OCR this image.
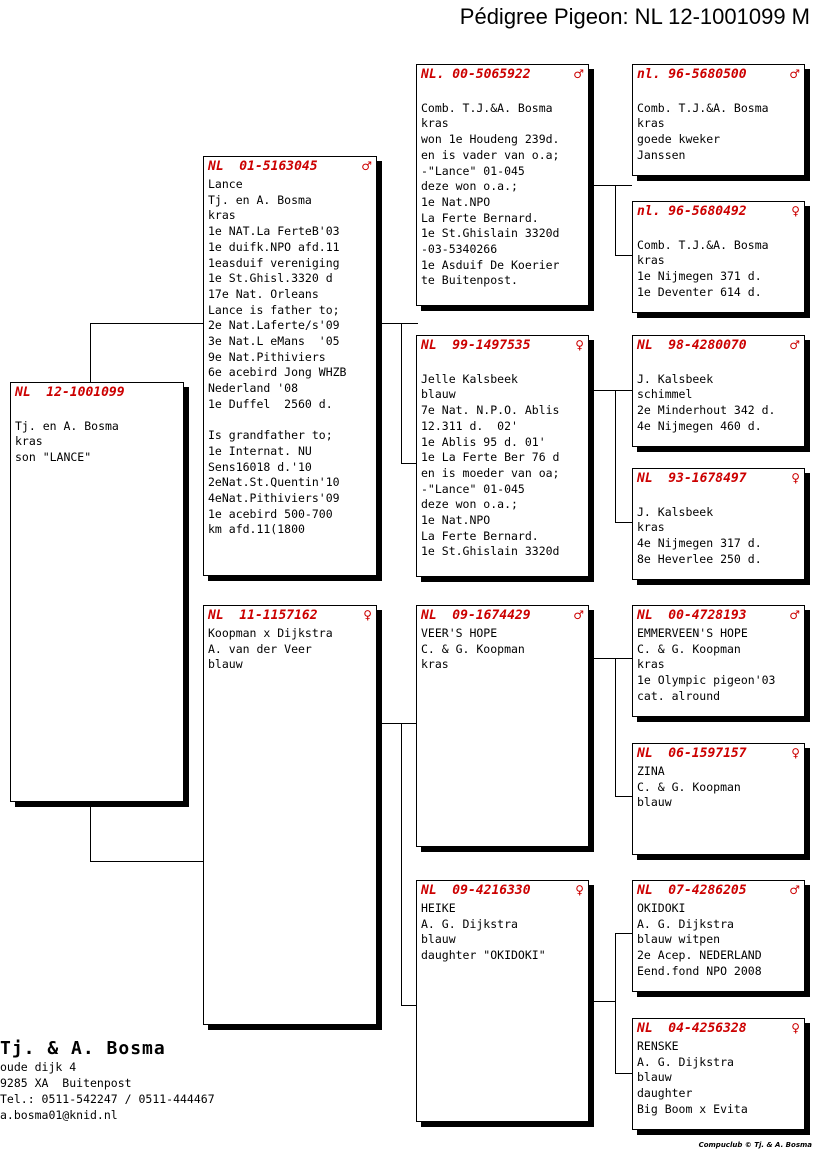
Pédigree Pigeon: NL 12-1001099 M
NL  12-1001099
Tj. en A. Bosma
kras
son "LANCE"
NL  01-5163045	♂
Lance
Tj. en A. Bosma
kras
1e NAT.La FerteB'03
1e duifk.NPO afd.11
1easduif vereniging
1e St.Ghisl.3320 d
17e Nat. Orleans
Lance is father to;
2e Nat.Laferte/s'09
3e Nat.L eMans  '05
9e Nat.Pithiviers
6e acebird Jong WHZB
Nederland '08
1e Duffel  2560 d.
Is grandfather to;
1e Internat. NU
Sens16018 d.'10
2eNat.St.Quentin'10
4eNat.Pithiviers'09
1e acebird 500-700
km afd.11(1800
NL  11-1157162	♀
Koopman x Dijkstra
A. van der Veer
blauw
NL. 00-5065922	♂
Comb. T.J.&A. Bosma
kras
won 1e Houdeng 239d.
en is vader van o.a;
-"Lance" 01-045
deze won o.a.;
1e Nat.NPO
La Ferte Bernard.
1e St.Ghislain 3320d
-03-5340266
1e Asduif De Koerier
te Buitenpost.
NL  99-1497535	♀
Jelle Kalsbeek
blauw
7e Nat. N.P.O. Ablis
12.311 d.  02'
1e Ablis 95 d. 01'
1e La Ferte Ber 76 d
en is moeder van oa;
-"Lance" 01-045
deze won o.a.;
1e Nat.NPO
La Ferte Bernard.
1e St.Ghislain 3320d
NL  09-1674429	♂
VEER'S HOPE
C. & G. Koopman
kras
NL  09-4216330	♀
HEIKE
A. G. Dijkstra
blauw
daughter "OKIDOKI"
nl. 96-5680500	♂
Comb. T.J.&A. Bosma
kras
goede kweker
Janssen
nl. 96-5680492	♀
Comb. T.J.&A. Bosma
kras
1e Nijmegen 371 d.
1e Deventer 614 d.
NL  98-4280070	♂
J. Kalsbeek
schimmel
2e Minderhout 342 d.
4e Nijmegen 460 d.
NL  93-1678497	♀
J. Kalsbeek
kras
4e Nijmegen 317 d.
8e Heverlee 250 d.
NL  00-4728193	♂
EMMERVEEN'S HOPE
C. & G. Koopman
kras
1e Olympic pigeon'03
cat. alround
NL  06-1597157	♀
ZINA
C. & G. Koopman
blauw
NL  07-4286205	♂
OKIDOKI
A. G. Dijkstra
blauw witpen
2e Acep. NEDERLAND
Eend.fond NPO 2008
NL  04-4256328	♀
RENSKE
A. G. Dijkstra
blauw
daughter
Big Boom x Evita
Tj. & A. Bosma
oude dijk 4
9285 XA  Buitenpost
Tel.: 0511-542247 / 0511-444467
a.bosma01@knid.nl
Compuclub © Tj. & A. Bosma
